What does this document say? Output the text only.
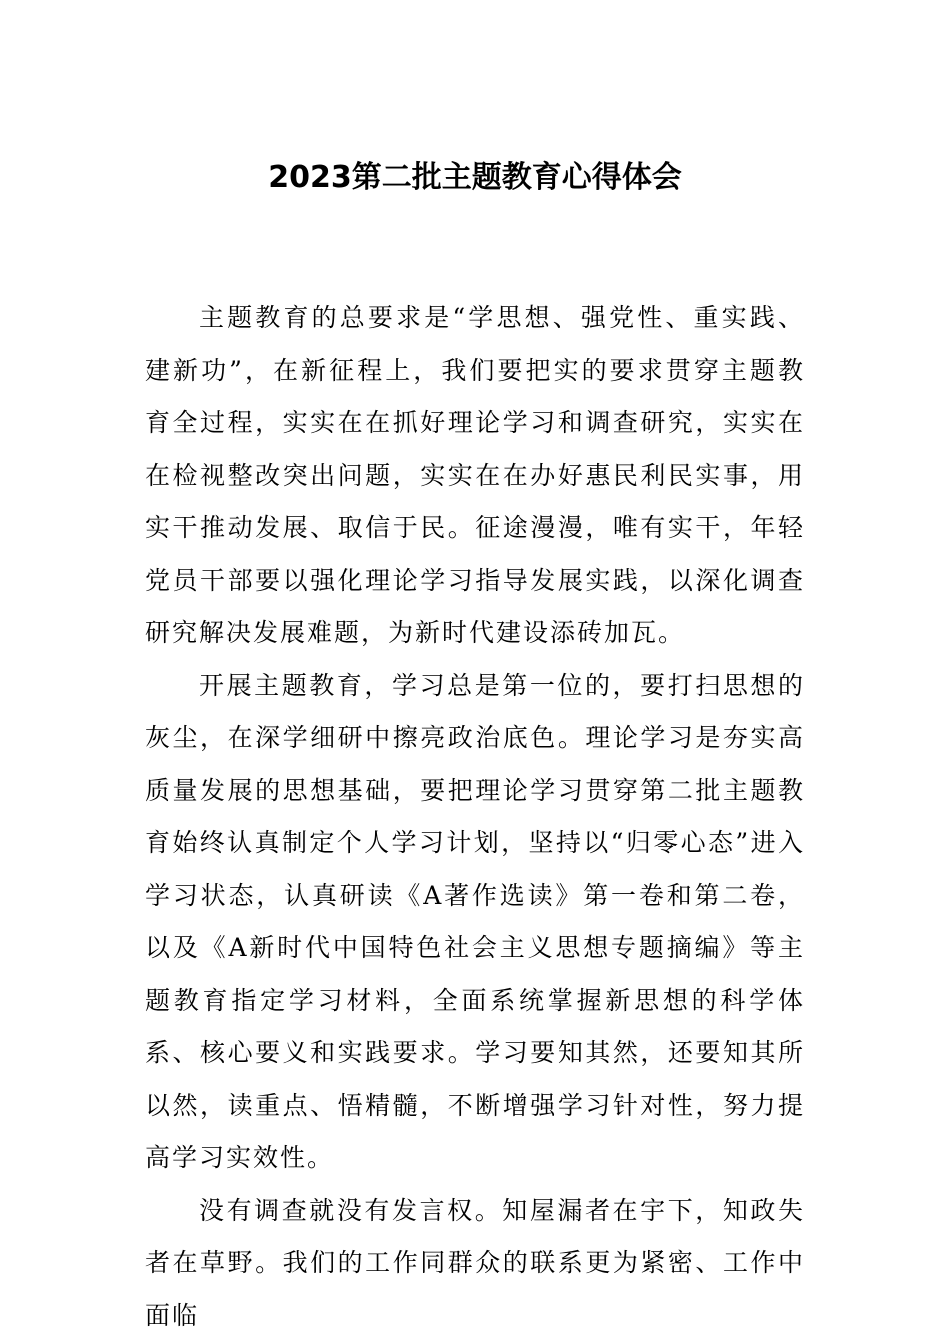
2023第二批主题教育心得体会

主题教育的总要求是“学思想、强党性、重实践、建新功”，在新征程上，我们要把实的要求贯穿主题教育全过程，实实在在抓好理论学习和调查研究，实实在在检视整改突出问题，实实在在办好惠民利民实事，用实干推动发展、取信于民。征途漫漫，唯有实干，年轻党员干部要以强化理论学习指导发展实践，以深化调查研究解决发展难题，为新时代建设添砖加瓦。

开展主题教育，学习总是第一位的，要打扫思想的灰尘，在深学细研中擦亮政治底色。理论学习是夯实高质量发展的思想基础，要把理论学习贯穿第二批主题教育始终认真制定个人学习计划，坚持以“归零心态”进入学习状态，认真研读《A著作选读》第一卷和第二卷，以及《A新时代中国特色社会主义思想专题摘编》等主题教育指定学习材料，全面系统掌握新思想的科学体系、核心要义和实践要求。学习要知其然，还要知其所以然，读重点、悟精髓，不断增强学习针对性，努力提高学习实效性。

没有调查就没有发言权。知屋漏者在宇下，知政失者在草野。我们的工作同群众的联系更为紧密、工作中面临
